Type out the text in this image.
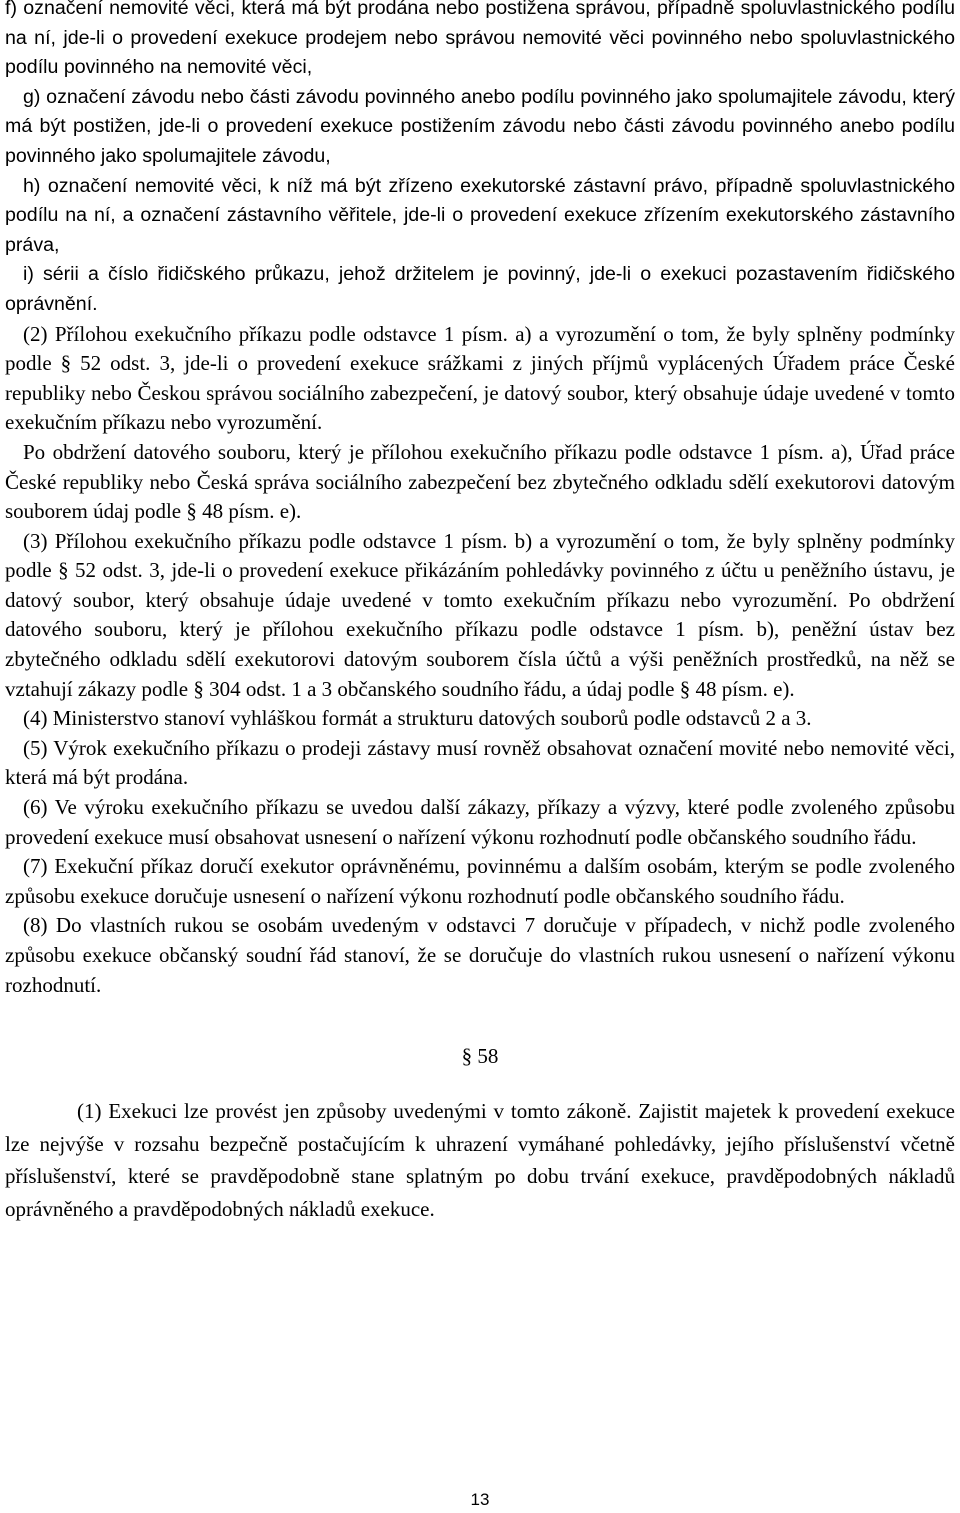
f) označení nemovité věci, která má být prodána nebo postižena správou, případně spoluvlastnického podílu na ní, jde-li o provedení exekuce prodejem nebo správou nemovité věci povinného nebo spoluvlastnického podílu povinného na nemovité věci,

g) označení závodu nebo části závodu povinného anebo podílu povinného jako spolumajitele závodu, který má být postižen, jde-li o provedení exekuce postižením závodu nebo části závodu povinného anebo podílu povinného jako spolumajitele závodu,

h) označení nemovité věci, k níž má být zřízeno exekutorské zástavní právo, případně spoluvlastnického podílu na ní, a označení zástavního věřitele, jde-li o provedení exekuce zřízením exekutorského zástavního práva,

i) sérii a číslo řidičského průkazu, jehož držitelem je povinný, jde-li o exekuci pozastavením řidičského oprávnění.

(2) Přílohou exekučního příkazu podle odstavce 1 písm. a) a vyrozumění o tom, že byly splněny podmínky podle § 52 odst. 3, jde-li o provedení exekuce srážkami z jiných příjmů vyplácených Úřadem práce České republiky nebo Českou správou sociálního zabezpečení, je datový soubor, který obsahuje údaje uvedené v tomto exekučním příkazu nebo vyrozumění.

Po obdržení datového souboru, který je přílohou exekučního příkazu podle odstavce 1 písm. a), Úřad práce České republiky nebo Česká správa sociálního zabezpečení bez zbytečného odkladu sdělí exekutorovi datovým souborem údaj podle § 48 písm. e).

(3) Přílohou exekučního příkazu podle odstavce 1 písm. b) a vyrozumění o tom, že byly splněny podmínky podle § 52 odst. 3, jde-li o provedení exekuce přikázáním pohledávky povinného z účtu u peněžního ústavu, je datový soubor, který obsahuje údaje uvedené v tomto exekučním příkazu nebo vyrozumění. Po obdržení datového souboru, který je přílohou exekučního příkazu podle odstavce 1 písm. b), peněžní ústav bez zbytečného odkladu sdělí exekutorovi datovým souborem čísla účtů a výši peněžních prostředků, na něž se vztahují zákazy podle § 304 odst. 1 a 3 občanského soudního řádu, a údaj podle § 48 písm. e).

(4) Ministerstvo stanoví vyhláškou formát a strukturu datových souborů podle odstavců 2 a 3.

(5) Výrok exekučního příkazu o prodeji zástavy musí rovněž obsahovat označení movité nebo nemovité věci, která má být prodána.

(6) Ve výroku exekučního příkazu se uvedou další zákazy, příkazy a výzvy, které podle zvoleného způsobu provedení exekuce musí obsahovat usnesení o nařízení výkonu rozhodnutí podle občanského soudního řádu.

(7) Exekuční příkaz doručí exekutor oprávněnému, povinnému a dalším osobám, kterým se podle zvoleného způsobu exekuce doručuje usnesení o nařízení výkonu rozhodnutí podle občanského soudního řádu.

(8) Do vlastních rukou se osobám uvedeným v odstavci 7 doručuje v případech, v nichž podle zvoleného způsobu exekuce občanský soudní řád stanoví, že se doručuje do vlastních rukou usnesení o nařízení výkonu rozhodnutí.

§ 58

(1) Exekuci lze provést jen způsoby uvedenými v tomto zákoně. Zajistit majetek k provedení exekuce lze nejvýše v rozsahu bezpečně postačujícím k uhrazení vymáhané pohledávky, jejího příslušenství včetně příslušenství, které se pravděpodobně stane splatným po dobu trvání exekuce, pravděpodobných nákladů oprávněného a pravděpodobných nákladů exekuce.

13
